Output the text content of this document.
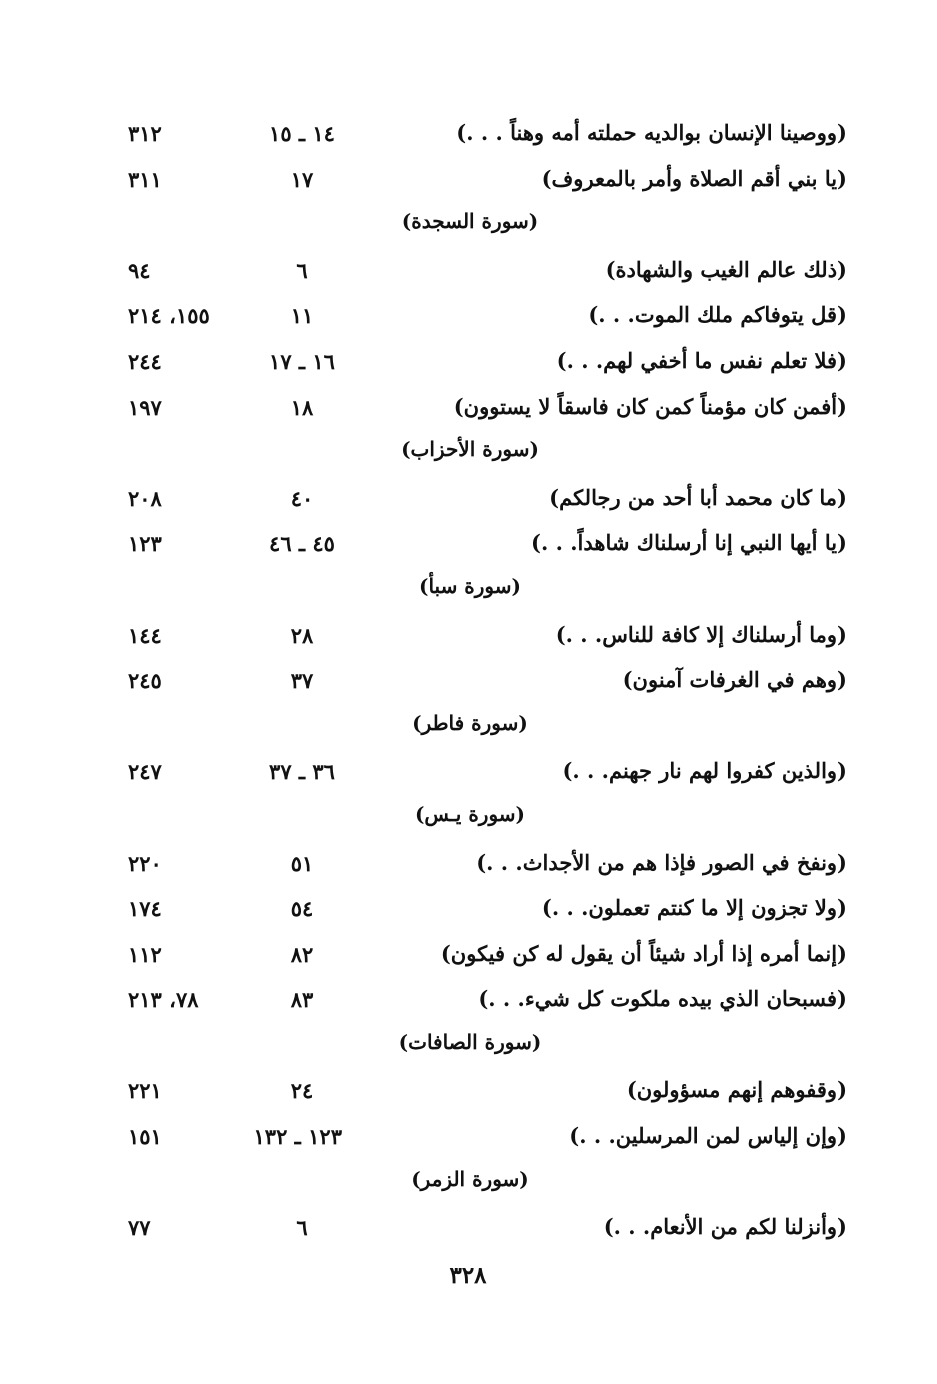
(ووصينا الإنسان بوالديه حملته أمه وهناً . . .)
١٤ ـ ١٥
٣١٢
(يا بني أقم الصلاة وأمر بالمعروف)
١٧
٣١١
(سورة السجدة)
(ذلك عالم الغيب والشهادة)
٦
٩٤
(قل يتوفاكم ملك الموت. . .)
١١
١٥٥، ٢١٤
(فلا تعلم نفس ما أخفي لهم. . .)
١٦ ـ ١٧
٢٤٤
(أفمن كان مؤمناً كمن كان فاسقاً لا يستوون)
١٨
١٩٧
(سورة الأحزاب)
(ما كان محمد أبا أحد من رجالكم)
٤٠
٢٠٨
(يا أيها النبي إنا أرسلناك شاهداً. . .)
٤٥ ـ ٤٦
١٢٣
(سورة سبأ)
(وما أرسلناك إلا كافة للناس. . .)
٢٨
١٤٤
(وهم في الغرفات آمنون)
٣٧
٢٤٥
(سورة فاطر)
(والذين كفروا لهم نار جهنم. . .)
٣٦ ـ ٣٧
٢٤٧
(سورة يـس)
(ونفخ في الصور فإذا هم من الأجداث. . .)
٥١
٢٢٠
(ولا تجزون إلا ما كنتم تعملون. . .)
٥٤
١٧٤
(إنما أمره إذا أراد شيئاً أن يقول له كن فيكون)
٨٢
١١٢
(فسبحان الذي بيده ملكوت كل شيء. . .)
٨٣
٧٨، ٢١٣
(سورة الصافات)
(وقفوهم إنهم مسؤولون)
٢٤
٢٢١
(وإن إلياس لمن المرسلين. . .)
١٢٣ ـ ١٣٢
١٥١
(سورة الزمر)
(وأنزلنا لكم من الأنعام. . .)
٦
٧٧
٣٢٨
